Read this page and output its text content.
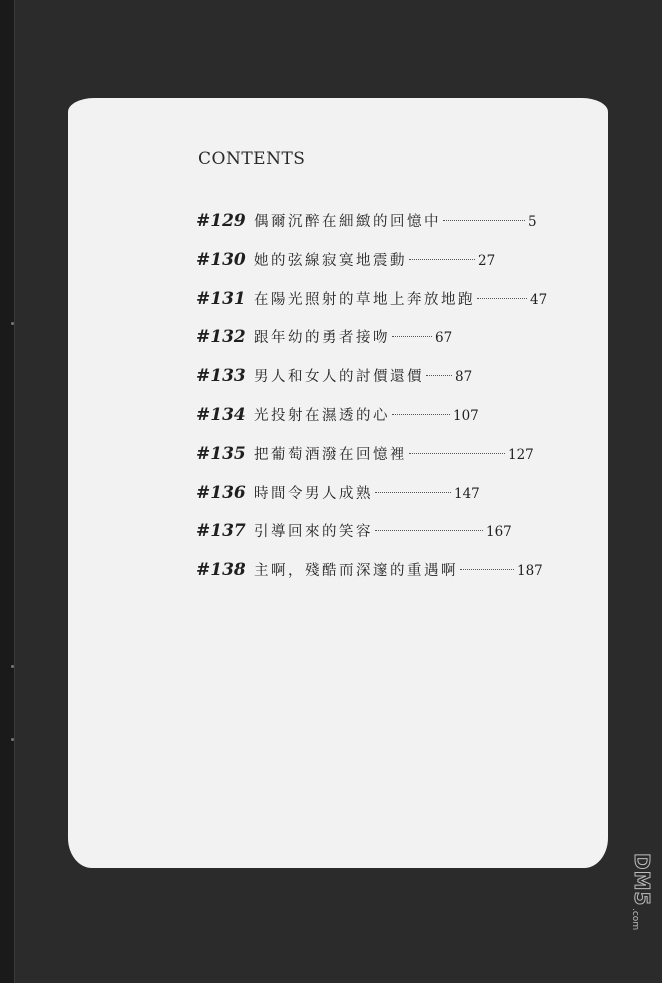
CONTENTS
#129 偶爾沉醉在細緻的回憶中	5
#130 她的弦線寂寞地震動	27
#131 在陽光照射的草地上奔放地跑	47
#132 跟年幼的勇者接吻	67
#133 男人和女人的討價還價 87
#134 光投射在濕透的心	107
#135 把葡萄酒潑在回憶裡	127
#136 時間令男人成熟	147
#137 引導回來的笑容	167
#138 主啊，殘酷而深邃的重遇啊	187
DM5
.com
